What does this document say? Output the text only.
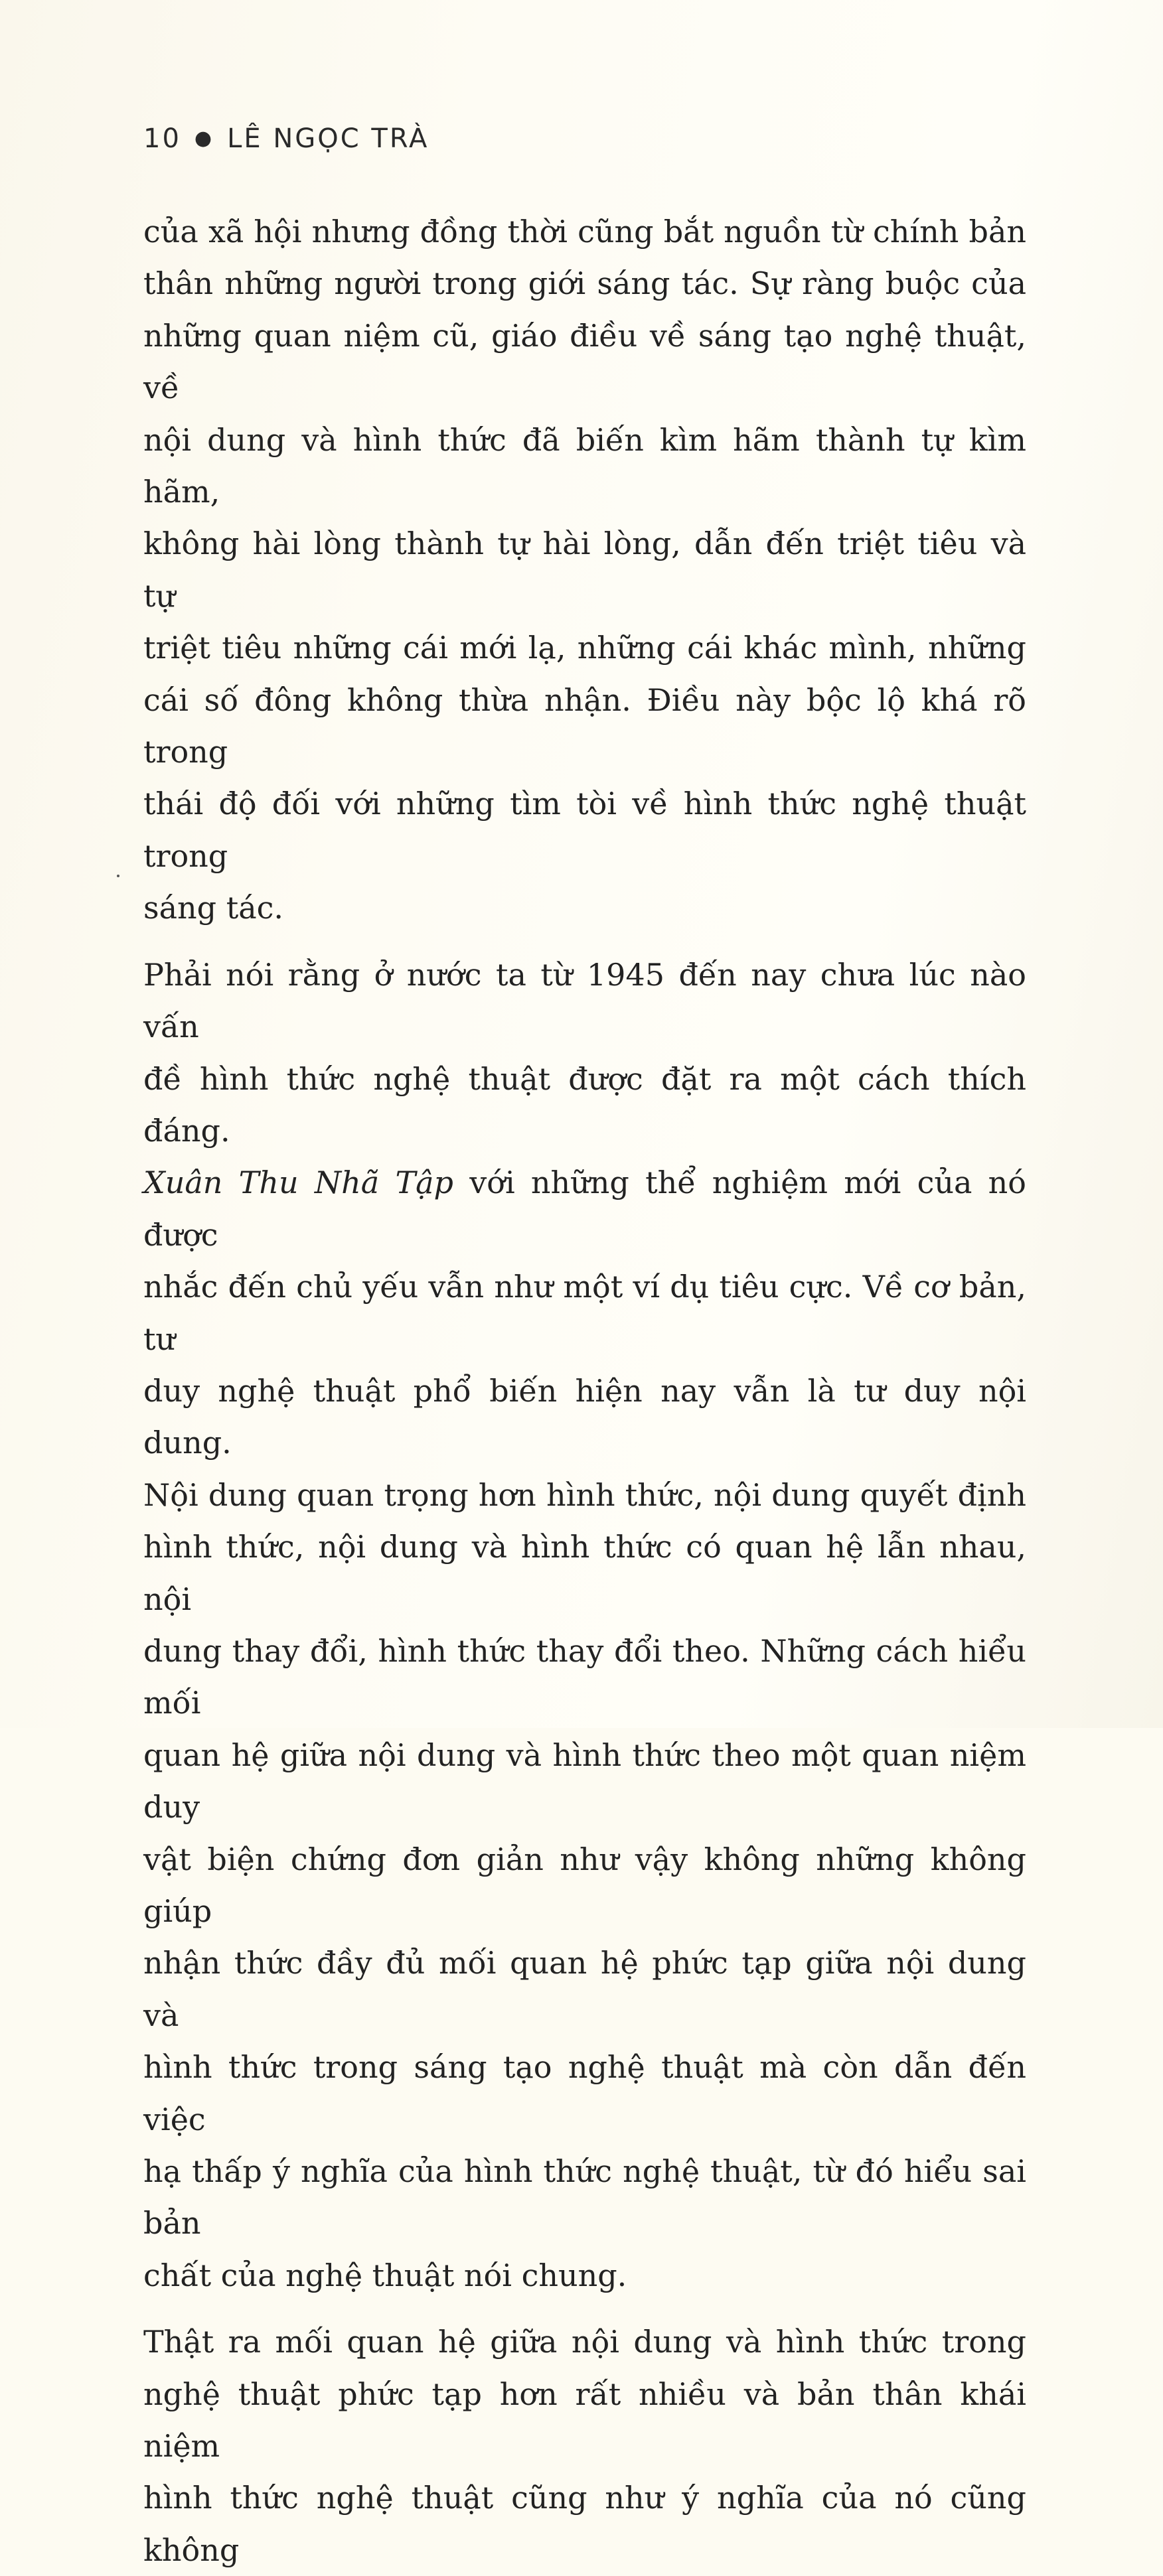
10 ● LÊ NGỌC TRÀ

của xã hội nhưng đồng thời cũng bắt nguồn từ chính bản

thân những người trong giới sáng tác. Sự ràng buộc của

những quan niệm cũ, giáo điều về sáng tạo nghệ thuật, về

nội dung và hình thức đã biến kìm hãm thành tự kìm hãm,

không hài lòng thành tự hài lòng, dẫn đến triệt tiêu và tự

triệt tiêu những cái mới lạ, những cái khác mình, những

cái số đông không thừa nhận. Điều này bộc lộ khá rõ trong

thái độ đối với những tìm tòi về hình thức nghệ thuật trong

sáng tác.

Phải nói rằng ở nước ta từ 1945 đến nay chưa lúc nào vấn

đề hình thức nghệ thuật được đặt ra một cách thích đáng.

Xuân Thu Nhã Tập với những thể nghiệm mới của nó được

nhắc đến chủ yếu vẫn như một ví dụ tiêu cực. Về cơ bản, tư

duy nghệ thuật phổ biến hiện nay vẫn là tư duy nội dung.

Nội dung quan trọng hơn hình thức, nội dung quyết định

hình thức, nội dung và hình thức có quan hệ lẫn nhau, nội

dung thay đổi, hình thức thay đổi theo. Những cách hiểu mối

quan hệ giữa nội dung và hình thức theo một quan niệm duy

vật biện chứng đơn giản như vậy không những không giúp

nhận thức đầy đủ mối quan hệ phức tạp giữa nội dung và

hình thức trong sáng tạo nghệ thuật mà còn dẫn đến việc

hạ thấp ý nghĩa của hình thức nghệ thuật, từ đó hiểu sai bản

chất của nghệ thuật nói chung.

Thật ra mối quan hệ giữa nội dung và hình thức trong

nghệ thuật phức tạp hơn rất nhiều và bản thân khái niệm

hình thức nghệ thuật cũng như ý nghĩa của nó cũng không
